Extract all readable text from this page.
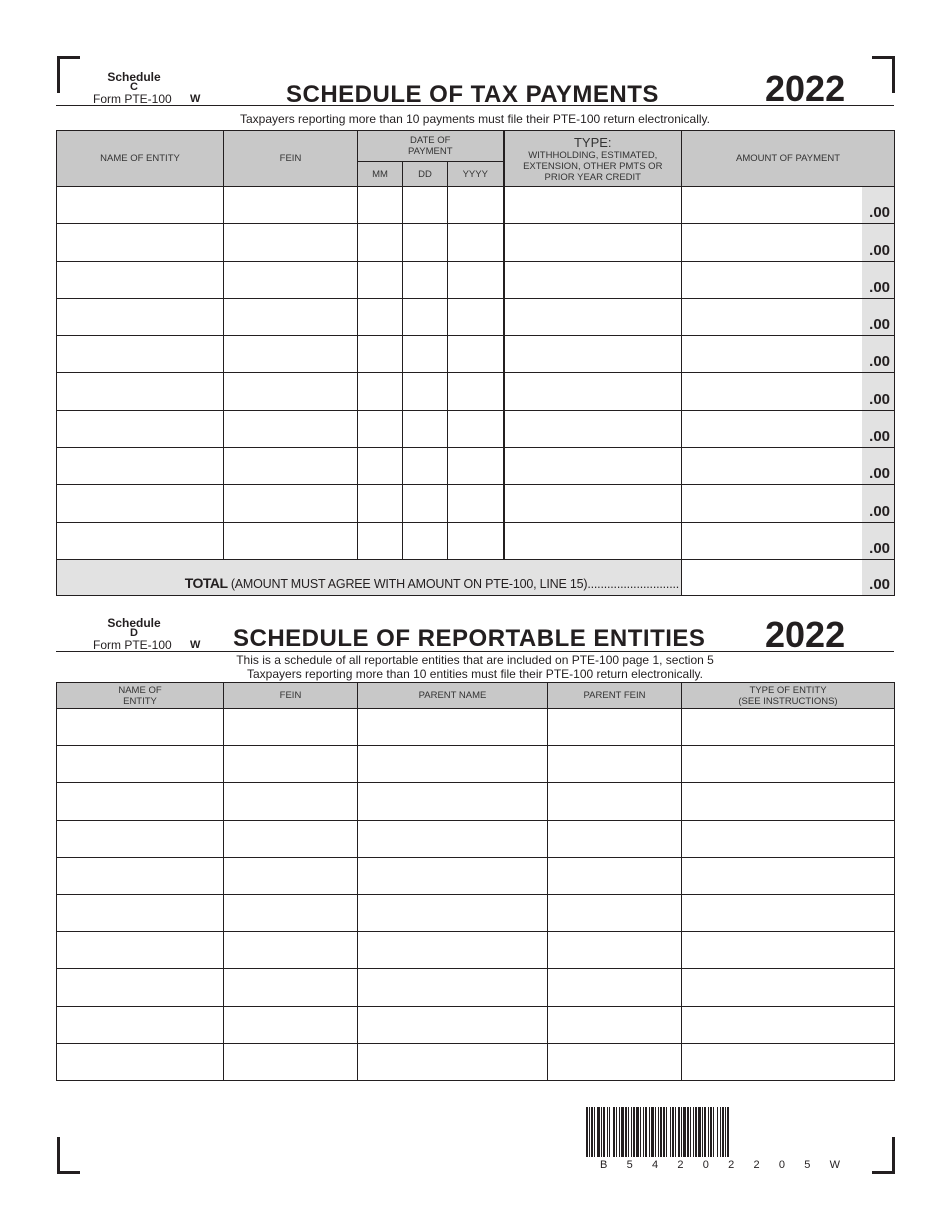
Schedule
C
Form PTE-100 W	SCHEDULE OF TAX PAYMENTS	2022
Taxpayers reporting more than 10 payments must file their PTE-100 return electronically.
NAME OF ENTITY	FEIN	DATE OF PAYMENT			TYPE:
WITHHOLDING, ESTIMATED, EXTENSION, OTHER PMTS OR PRIOR YEAR CREDIT	AMOUNT OF PAYMENT
		MM	DD	YYYY		

						.00

						.00

						.00

						.00

						.00

						.00

						.00

						.00

						.00

						.00

TOTAL (AMOUNT MUST AGREE WITH AMOUNT ON PTE-100, LINE 15)............................						.00
Schedule
D
Form PTE-100 W SCHEDULE OF REPORTABLE ENTITIES 2022
This is a schedule of all reportable entities that are included on PTE-100 page 1, section 5
Taxpayers reporting more than 10 entities must file their PTE-100 return electronically.
NAME OF
ENTITY	FEIN	PARENT NAME	PARENT FEIN	TYPE OF ENTITY
(SEE INSTRUCTIONS)

B 5 4 2 0 2 2 0 5 W
